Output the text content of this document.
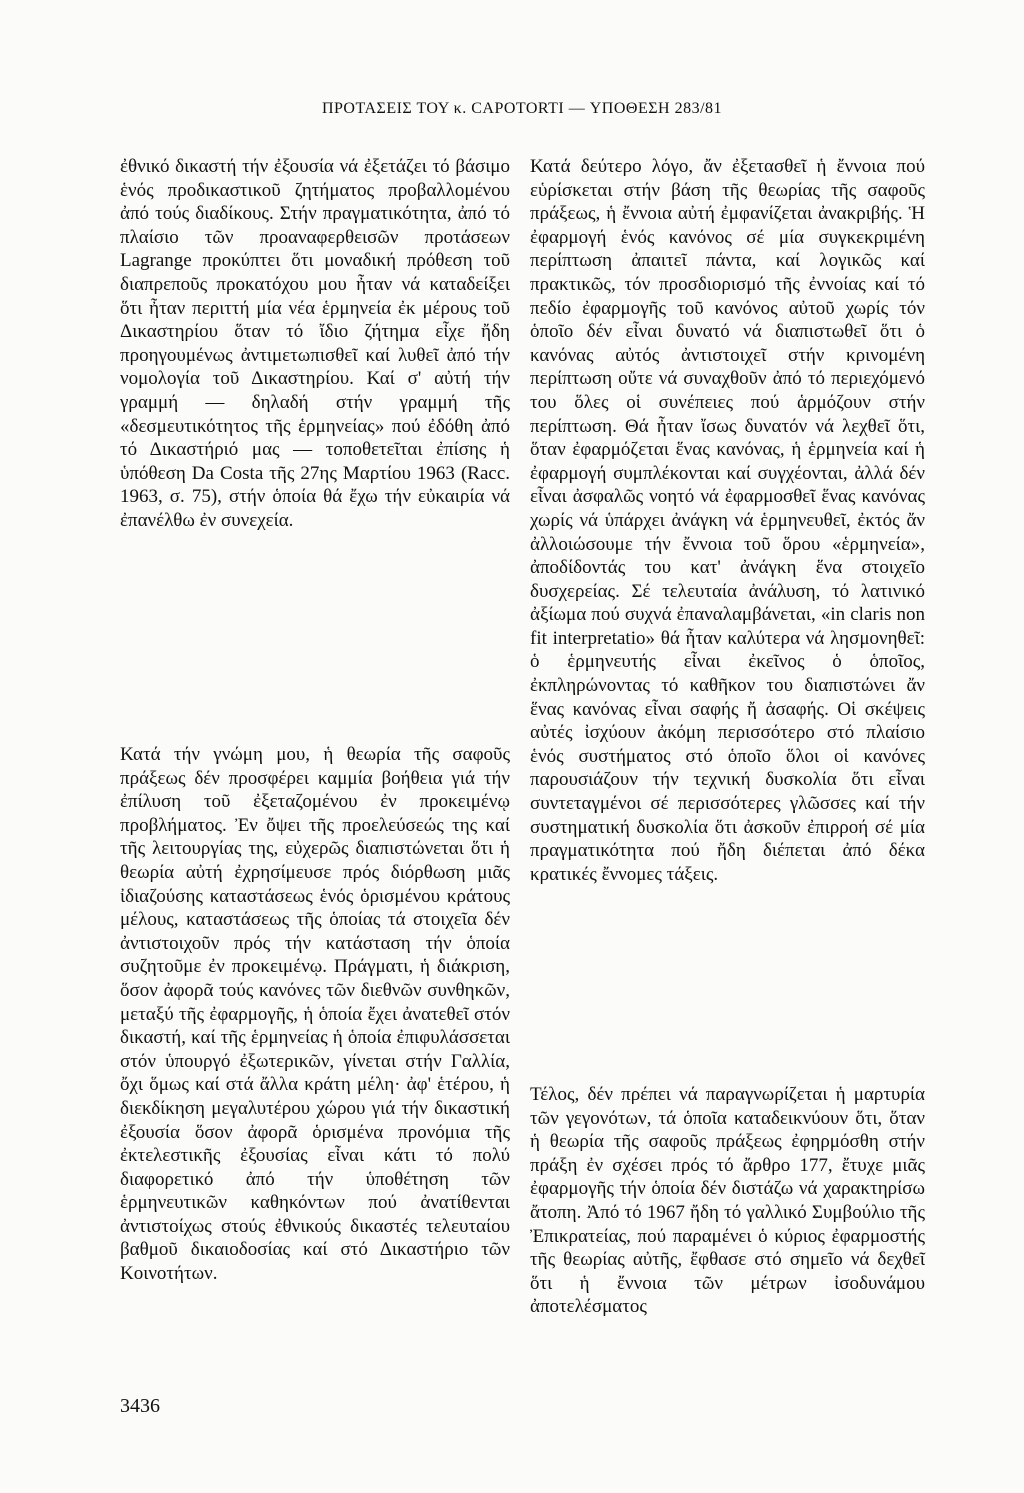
ΠΡΟΤΑΣΕΙΣ ΤΟΥ κ. CAPOTORTI — ΥΠΟΘΕΣΗ 283/81

ἐθνικό δικαστή τήν ἐξουσία νά ἐξετάζει τό βάσιμο ἑνός προδικαστικοῦ ζητήματος προβαλλομένου ἀπό τούς διαδίκους. Στήν πραγματικότητα, ἀπό τό πλαίσιο τῶν προαναφερθεισῶν προτάσεων Lagrange προκύπτει ὅτι μοναδική πρόθεση τοῦ διαπρεποῦς προκατόχου μου ἦταν νά καταδείξει ὅτι ἦταν περιττή μία νέα ἑρμηνεία ἐκ μέρους τοῦ Δικαστηρίου ὅταν τό ἴδιο ζήτημα εἶχε ἤδη προηγουμένως ἀντιμετωπισθεῖ καί λυθεῖ ἀπό τήν νομολογία τοῦ Δικαστηρίου. Καί σ' αὐτή τήν γραμμή — δηλαδή στήν γραμμή τῆς «δεσμευτικότητος τῆς ἑρμηνείας» πού ἐδόθη ἀπό τό Δικαστήριό μας — τοποθετεῖται ἐπίσης ἡ ὑπόθεση Da Costa τῆς 27ης Μαρτίου 1963 (Racc. 1963, σ. 75), στήν ὁποία θά ἔχω τήν εὐκαιρία νά ἐπανέλθω ἐν συνεχεία.

Κατά τήν γνώμη μου, ἡ θεωρία τῆς σαφοῦς πράξεως δέν προσφέρει καμμία βοήθεια γιά τήν ἐπίλυση τοῦ ἐξεταζομένου ἐν προκειμένῳ προβλήματος. Ἐν ὄψει τῆς προελεύσεώς της καί τῆς λειτουργίας της, εὐχερῶς διαπιστώνεται ὅτι ἡ θεωρία αὐτή ἐχρησίμευσε πρός διόρθωση μιᾶς ἰδιαζούσης καταστάσεως ἑνός ὁρισμένου κράτους μέλους, καταστάσεως τῆς ὁποίας τά στοιχεῖα δέν ἀντιστοιχοῦν πρός τήν κατάσταση τήν ὁποία συζητοῦμε ἐν προκειμένῳ. Πράγματι, ἡ διάκριση, ὅσον ἀφορᾶ τούς κανόνες τῶν διεθνῶν συνθηκῶν, μεταξύ τῆς ἐφαρμογῆς, ἡ ὁποία ἔχει ἀνατεθεῖ στόν δικαστή, καί τῆς ἑρμηνείας ἡ ὁποία ἐπιφυλάσσεται στόν ὑπουργό ἐξωτερικῶν, γίνεται στήν Γαλλία, ὄχι ὅμως καί στά ἄλλα κράτη μέλη· ἀφ' ἑτέρου, ἡ διεκδίκηση μεγαλυτέρου χώρου γιά τήν δικαστική ἐξουσία ὅσον ἀφορᾶ ὁρισμένα προνόμια τῆς ἐκτελεστικῆς ἐξουσίας εἶναι κάτι τό πολύ διαφορετικό ἀπό τήν ὑποθέτηση τῶν ἑρμηνευτικῶν καθηκόντων πού ἀνατίθενται ἀντιστοίχως στούς ἐθνικούς δικαστές τελευταίου βαθμοῦ δικαιοδοσίας καί στό Δικαστήριο τῶν Κοινοτήτων.

Κατά δεύτερο λόγο, ἄν ἐξετασθεῖ ἡ ἔννοια πού εὑρίσκεται στήν βάση τῆς θεωρίας τῆς σαφοῦς πράξεως, ἡ ἔννοια αὐτή ἐμφανίζεται ἀνακριβής. Ἡ ἐφαρμογή ἑνός κανόνος σέ μία συγκεκριμένη περίπτωση ἀπαιτεῖ πάντα, καί λογικῶς καί πρακτικῶς, τόν προσδιορισμό τῆς ἐννοίας καί τό πεδίο ἐφαρμογῆς τοῦ κανόνος αὐτοῦ χωρίς τόν ὁποῖο δέν εἶναι δυνατό νά διαπιστωθεῖ ὅτι ὁ κανόνας αὐτός ἀντιστοιχεῖ στήν κρινομένη περίπτωση οὔτε νά συναχθοῦν ἀπό τό περιεχόμενό του ὅλες οἱ συνέπειες πού ἁρμόζουν στήν περίπτωση. Θά ἦταν ἴσως δυνατόν νά λεχθεῖ ὅτι, ὅταν ἐφαρμόζεται ἕνας κανόνας, ἡ ἑρμηνεία καί ἡ ἐφαρμογή συμπλέκονται καί συγχέονται, ἀλλά δέν εἶναι ἀσφαλῶς νοητό νά ἐφαρμοσθεῖ ἕνας κανόνας χωρίς νά ὑπάρχει ἀνάγκη νά ἑρμηνευθεῖ, ἐκτός ἄν ἀλλοιώσουμε τήν ἔννοια τοῦ ὅρου «ἑρμηνεία», ἀποδίδοντάς του κατ' ἀνάγκη ἕνα στοιχεῖο δυσχερείας. Σέ τελευταία ἀνάλυση, τό λατινικό ἀξίωμα πού συχνά ἐπαναλαμβάνεται, «in claris non fit interpretatio» θά ἦταν καλύτερα νά λησμονηθεῖ: ὁ ἑρμηνευτής εἶναι ἐκεῖνος ὁ ὁποῖος, ἐκπληρώνοντας τό καθῆκον του διαπιστώνει ἄν ἕνας κανόνας εἶναι σαφής ἤ ἀσαφής. Οἱ σκέψεις αὐτές ἰσχύουν ἀκόμη περισσότερο στό πλαίσιο ἑνός συστήματος στό ὁποῖο ὅλοι οἱ κανόνες παρουσιάζουν τήν τεχνική δυσκολία ὅτι εἶναι συντεταγμένοι σέ περισσότερες γλῶσσες καί τήν συστηματική δυσκολία ὅτι ἀσκοῦν ἐπιρροή σέ μία πραγματικότητα πού ἤδη διέπεται ἀπό δέκα κρατικές ἔννομες τάξεις.

Τέλος, δέν πρέπει νά παραγνωρίζεται ἡ μαρτυρία τῶν γεγονότων, τά ὁποῖα καταδεικνύουν ὅτι, ὅταν ἡ θεωρία τῆς σαφοῦς πράξεως ἐφηρμόσθη στήν πράξη ἐν σχέσει πρός τό ἄρθρο 177, ἔτυχε μιᾶς ἐφαρμογῆς τήν ὁποία δέν διστάζω νά χαρακτηρίσω ἄτοπη. Ἀπό τό 1967 ἤδη τό γαλλικό Συμβούλιο τῆς Ἐπικρατείας, πού παραμένει ὁ κύριος ἐφαρμοστής τῆς θεωρίας αὐτῆς, ἔφθασε στό σημεῖο νά δεχθεῖ ὅτι ἡ ἔννοια τῶν μέτρων ἰσοδυνάμου ἀποτελέσματος

3436
